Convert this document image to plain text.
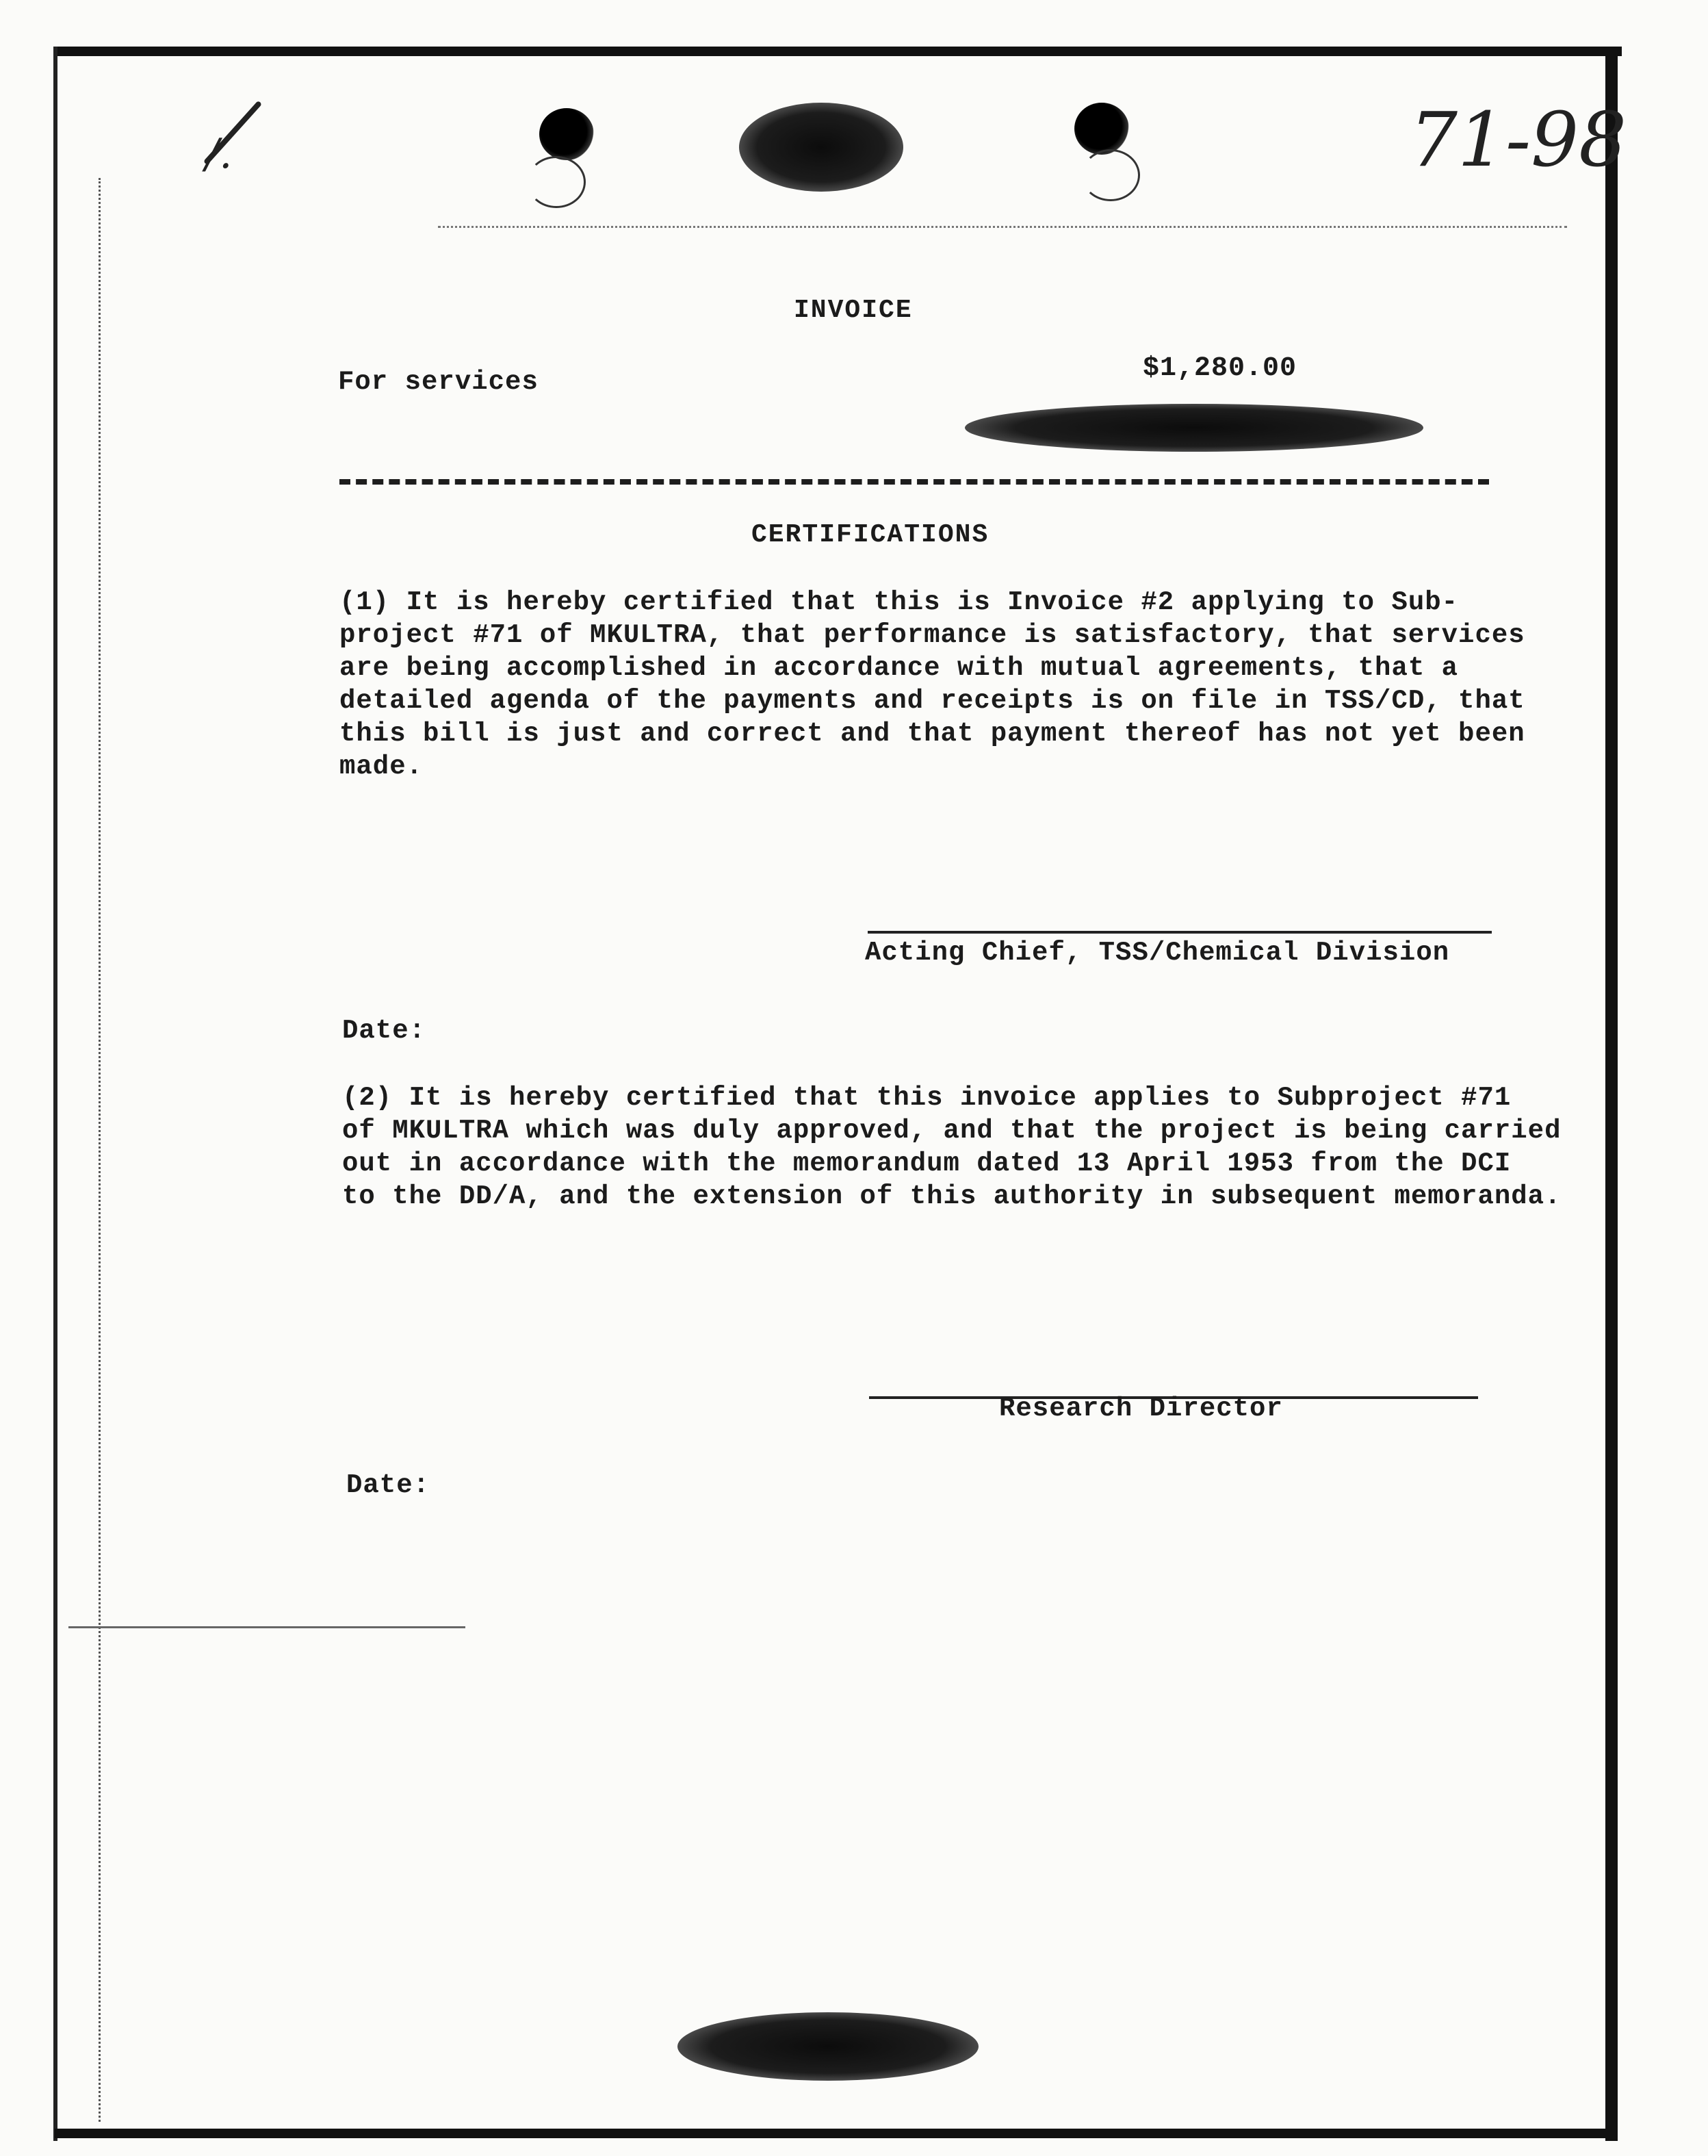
/.	71-98
INVOICE
For services	$1,280.00
CERTIFICATIONS
(1) It is hereby certified that this is Invoice #2 applying to Sub-
project #71 of MKULTRA, that performance is satisfactory, that services
are being accomplished in accordance with mutual agreements, that a
detailed agenda of the payments and receipts is on file in TSS/CD, that
this bill is just and correct and that payment thereof has not yet been
made.
Acting Chief, TSS/Chemical Division
Date:
(2) It is hereby certified that this invoice applies to Subproject #71
of MKULTRA which was duly approved, and that the project is being carried
out in accordance with the memorandum dated 13 April 1953 from the DCI
to the DD/A, and the extension of this authority in subsequent memoranda.
Research Director
Date:
